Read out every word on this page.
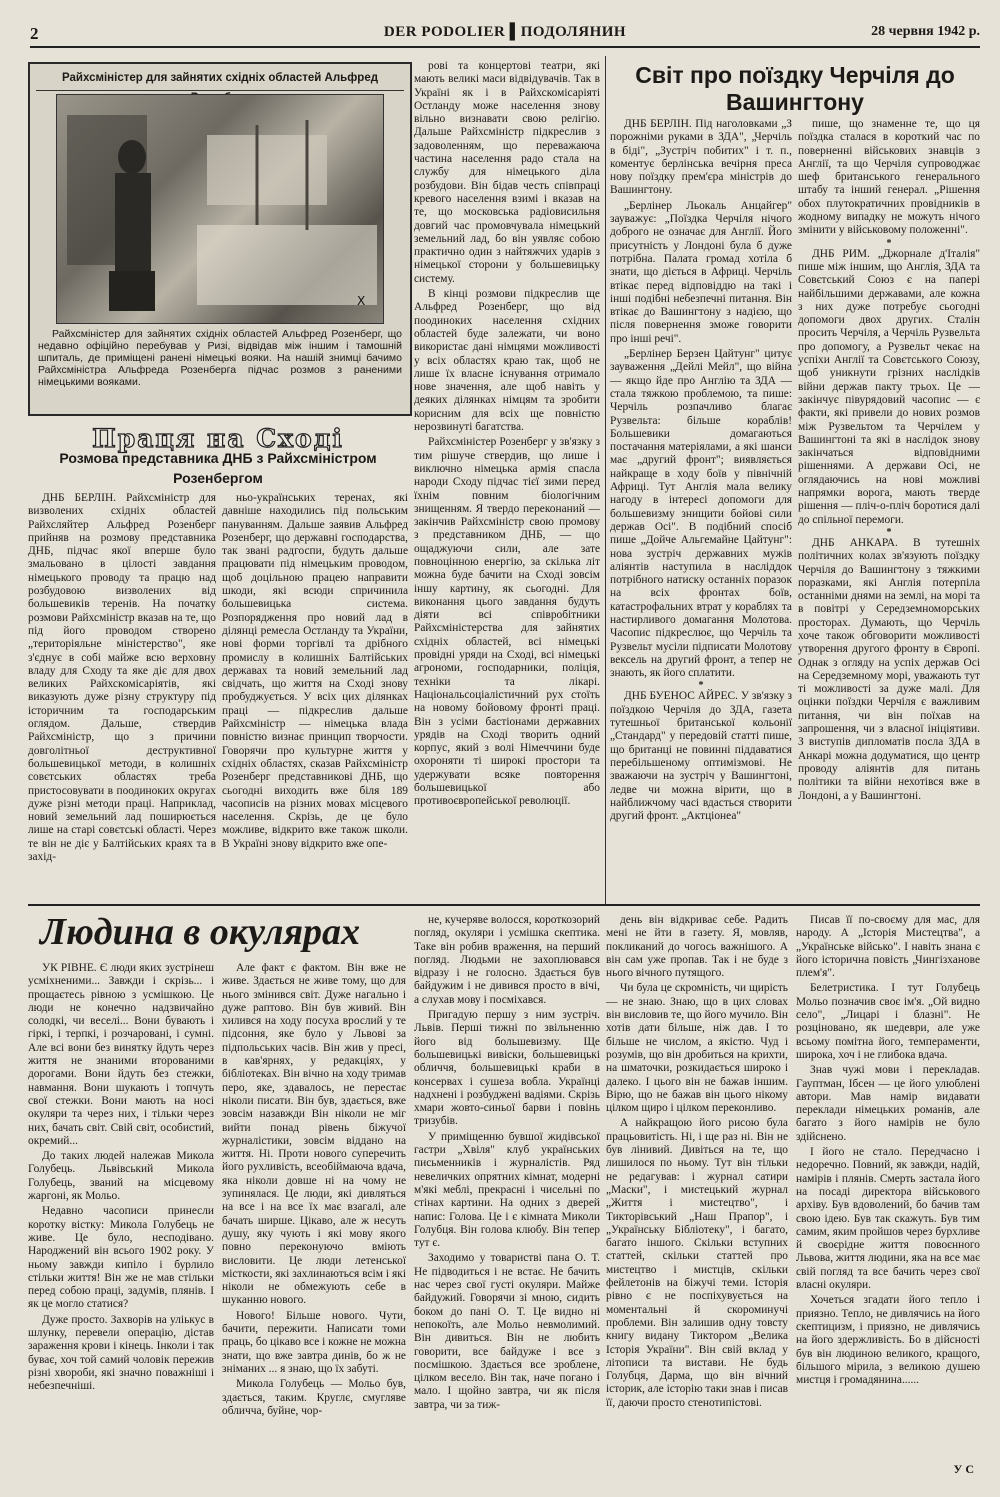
2	DER PODOLIER ▌ПОДОЛЯНИН	28 червня 1942 р.
Райхсміністер для зайнятих східніх областей Альфред
X

Райхсміністер для зайнятих східніх областей Альфред Розенберг, що недавно офіційно перебував у Ризі, відвідав між іншим і тамошній шпиталь, де приміщені ранені німецькі вояки. На нашій знимці бачимо Райхсміністра Альфреда Розенберга підчас розмов з раненими німецькими вояками.

Праця на Сході
Розмова представника ДНБ з Райхсміністром Розенбергом

ДНБ БЕРЛІН. Райхсміністр для визволених східніх областей Райхсляйтер Альфред Розенберг прийняв на розмову представника ДНБ, підчас якої вперше було змальовано в цілості завдання німецького проводу та працю над розбудовою визволених від большевиків теренів. На початку розмови Райхсміністр вказав на те, що під його проводом створено „територіяльне міністерство", яке з'єднує в собі майже всю верховну владу для Сходу та яке діє для двох великих Райхскомісаріятів, які виказують дуже різну структуру під історичним та господарським оглядом. Дальше, ствердив Райхсміністр, що з причини довголітньої деструктивної большевицької методи, в колишніх совєтських областях треба пристосовувати в поодиноких округах дуже різні методи праці. Наприклад, новий земельний лад поширюється лише на старі совєтські області. Через те він не діє у Балтійських краях та в захід-

ньо-українських теренах, які давніше находились під польським пануванням. Дальше заявив Альфред Розенберг, що державні господарства, так звані радгоспи, будуть дальше працювати під німецьким проводом, щоб доцільною працею направити шкоди, які всюди спричинила большевицька система. Розпорядження про новий лад в ділянці ремесла Остланду та України, нові форми торгівлі та дрібного промислу в колишніх Балтійських державах та новий земельний лад свідчать, що життя на Сході знову пробуджується. У всіх цих ділянках праці — підкреслив дальше Райхсміністр — німецька влада повністю визнає принцип творчости. Говорячи про культурне життя у східніх областях, сказав Райхсміністр Розенберг представникові ДНБ, що сьогодні виходить вже біля 189 часописів на різних мовах місцевого населення. Скрізь, де це було можливе, відкрито вже також школи. В Україні знову відкрито вже опе-

рові та концертові театри, які мають великі маси відвідувачів. Так в Україні як і в Райхскомісаріяті Остланду може населення знову вільно визнавати свою релігію. Дальше Райхсміністр підкреслив з задоволенням, що переважаюча частина населення радо стала на службу для німецького діла розбудови. Він бідав честь співпраці кревого населення взимі і вказав на те, що московська радіовисильня довгий час промовчувала німецький земельний лад, бо він уявляє собою практично один з найтяжчих ударів з німецької сторони у большевицьку систему.

В кінці розмови підкреслив ще Альфред Розенберг, що від поодиноких населення східних областей буде залежати, чи воно використає дані німцями можливості у всіх областях краю так, щоб не лише їх власне існування отримало нове значення, але щоб навіть у деяких ділянках німцям та зробити корисним для всіх ще повністю нерозвинуті багатства.

Райхсміністер Розенберг у зв'язку з тим рішуче ствердив, що лише і виключно німецька армія спасла народи Сходу підчас тієї зими перед їхнім повним біологічним знищенням. Я твердо переконаний — закінчив Райхсміністр свою промову з представником ДНБ, — що ощаджуючи сили, але зате повноцінною енергію, за скілька літ можна буде бачити на Сході зовсім іншу картину, як сьогодні. Для виконання цього завдання будуть діяти всі співробітники Райхсміністерства для зайнятих східніх областей, всі німецькі провідні уряди на Сході, всі німецькі агрономи, господарники, поліція, техніки та лікарі. Національсоціалістичний рух стоїть на новому бойовому фронті праці. Він з усіми бастіонами державних урядів на Сході творить одний корпус, який з волі Німеччини буде охороняти ті широкі простори та удержувати всяке повторення большевицької або противоєвропейської революції.

Світ про поїздку Черчіля до Вашингтону

ДНБ БЕРЛІН. Під наголовками „З порожніми руками в ЗДА", „Черчіль в біді", „Зустріч побитих" і т. п., коментує берлінська вечірня преса нову поїздку прем'єра міністрів до Вашингтону.

„Берлінер Льокаль Анцайгер" зауважує: „Поїздка Черчіля нічого доброго не означає для Англії. Його присутність у Лондоні була б дуже потрібна. Палата громад хотіла б знати, що діється в Африці. Черчіль втікає перед відповіддю на такі і інші подібні небезпечні питання. Він втікає до Вашингтону з надією, що після повернення зможе говорити про інші речі".

„Берлінер Берзен Цайтунг" цитує зауваження „Дейлі Мейл", що війна — якщо йде про Англію та ЗДА — стала тяжкою проблемою, та пише: Черчіль розпачливо благає Рузвельта: більше кораблів! Большевики домагаються постачання матеріялами, а які шанси має „другий фронт"; виявляється найкраще в ходу боїв у північній Африці. Тут Англія мала велику нагоду в інтересі допомоги для большевизму знищити бойові сили держав Осі". В подібний спосіб пише „Дойче Альгемайне Цайтунг": нова зустріч державних мужів аліянтів наступила в насліддок потрібного натиску останніх поразок на всіх фронтах боїв, катастрофальних втрат у кораблях та настирливого домагання Молотова. Часопис підкреслює, що Черчіль та Рузвельт мусіли підписати Молотову вексель на другий фронт, а тепер не знають, як його сплатити.

*

ДНБ БУЕНОС АЙРЕС. У зв'язку з поїздкою Черчіля до ЗДА, газета тутешньої британської кольонії „Стандард" у передовій статті пише, що британці не повинні піддаватися перебільшеному оптимізмові. Не зважаючи на зустріч у Вашингтоні, ледве чи можна вірити, що в найближчому часі вдасться створити другий фронт. „Актціонеа"

пише, що знаменне те, що ця поїздка сталася в короткий час по поверненні військових знавців з Англії, та що Черчіля супроводжає шеф британського генерального штабу та інший генерал. „Рішення обох плутократичних провідників в жодному випадку не можуть нічого змінити у військовому положенні".

*

ДНБ РИМ. „Джорнале д'Італія" пише між іншим, що Англія, ЗДА та Совєтський Союз є на папері найбільшими державами, але кожна з них дуже потребує сьогодні допомоги двох других. Сталін просить Черчіля, а Черчіль Рузвельта про допомогу, а Рузвельт чекає на успіхи Англії та Совєтського Союзу, щоб уникнути грізних наслідків війни держав пакту трьох. Це — закінчує півурядовий часопис — є факти, які привели до нових розмов між Рузвельтом та Черчілем у Вашингтоні та які в наслідок знову закінчаться відповідними рішеннями. А держави Осі, не оглядаючись на нові можливі напрямки ворога, мають тверде рішення — пліч-о-пліч боротися далі до спільної перемоги.

*

ДНБ АНКАРА. В тутешніх політичних колах зв'язують поїздку Черчіля до Вашингтону з тяжкими поразками, які Англія потерпіла останніми днями на землі, на морі та в повітрі у Середземноморських просторах. Думають, що Черчіль хоче також обговорити можливості утворення другого фронту в Європі. Однак з огляду на успіх держав Осі на Середземному морі, уважають тут ті можливості за дуже малі. Для оцінки поїздки Черчіля є важливим питання, чи він поїхав на запрошення, чи з власної ініціятиви. З виступів дипломатів посла ЗДА в Анкарі можна додуматися, що центр проводу аліянтів для питань політики та війни нехотівся вже в Лондоні, а у Вашингтоні.

Людина в окулярах

УК РІВНЕ. Є люди яких зустрінеш усміхненими... Завжди і скрізь... і прощаєтесь рівною з усмішкою. Це люди не конечно надзвичайно солодкі, чи веселі... Вони бувають і гіркі, і терпкі, і розчаровані, і сумні. Але всі вони без винятку йдуть через життя не знаними второваними дорогами. Вони йдуть без стежки, навмання. Вони шукають і топчуть свої стежки. Вони мають на носі окуляри та через них, і тільки через них, бачать світ. Свій світ, особистий, окремий...

До таких людей належав Микола Голубець. Львівський Микола Голубець, званий на місцевому жаргоні, як Мольо.

Недавно часописи принесли коротку вістку: Микола Голубець не живе. Це було, несподівано. Народжений він всього 1902 року. У ньому завжди кипіло і бурлило стільки життя! Він же не мав стільки перед собою праці, задумів, плянів. І як це могло статися?

Дуже просто. Захворів на уліькус в шлунку, перевели операцію, дістав зараження крови і кінець. Інколи і так буває, хоч той самий чоловік пережив різні хвороби, які значно поважніші і небезпечніші.

Але факт є фактом. Він вже не живе. Здається не живе тому, що для нього змінився світ. Дуже нагально і дуже раптово. Він був живий. Він хилився на ходу посуха врослий у те підсоння, яке було у Львові за підпольських часів. Він жив у пресі, в кав'ярнях, у редакціях, у бібліотеках. Він вічно на ходу тримав перо, яке, здавалось, не перестає ніколи писати. Він був, здається, вже зовсім назавжди Він ніколи не міг вийти понад рівень біжучої журналістики, зовсім віддано на життя. Ні. Проти нового суперечить його рухливість, всеобіймаюча вдача, яка ніколи довше ні на чому не зупинялася. Це люди, які дивляться на все і на все їх має взагалі, але бачать ширше. Цікаво, але ж несуть душу, яку чують і які мову якого повно переконуючо вміють висловити. Це люди летенської місткости, які захлинаються всім і які ніколи не обмежують себе в шуканню нового.

Нового! Більше нового. Чути, бачити, пережити. Написати томи праць, бо цікаво все і кожне не можна знати, що вже завтра динів, бо ж не зніманих ... я знаю, що їх забуті.

Микола Голубець — Мольо був, здається, таким. Круглє, смугляве обличча, буйне, чор-

не, кучеряве волосся, короткозорий погляд, окуляри і усмішка скептика. Таке він робив враження, на перший погляд. Людьми не захоплювався відразу і не голосно. Здається був байдужим і не дивився просто в вічі, а слухав мову і посміхався.

Пригадую першу з ним зустріч. Львів. Перші тижні по звільненню його від большевизму. Ще большевицькі вивіски, большевицькі обличчя, большевицькі краби в консервах і сушеза вобла. Українці надхнені і розбуджені вадіями. Скрізь хмари жовто-синьої барви і повінь тризубів.

У приміщенню бувшої жидівської гастри „Хвіля" клуб українських письменників і журналістів. Ряд невеличких опрятних кімнат, модерні м'які меблі, прекрасні і чисельні по стінах картини. На одних з дверей напис: Голова. Це і є кімната Миколи Голубця. Він голова клюбу. Він тепер тут є.

Заходимо у товаристві пана О. Т. Не підводиться і не встає. Не бачить нас через свої густі окуляри. Майже байдужий. Говорячи зі мною, сидить боком до пані О. Т. Це видно ні непокоїть, але Мольо невмолимий. Він дивиться. Він не любить говорити, все байдуже і все з посмішкою. Здається все зроблене, цілком весело. Він так, наче погано і мало. І щойно завтра, чи як після завтра, чи за тиж-

день він відкриває себе. Радить мені не йти в газету. Я, мовляв, покликаний до чогось важнішого. А він сам уже пропав. Так і не буде з нього вічного путящого.

Чи була це скромність, чи щирість — не знаю. Знаю, що в цих словах він висловив те, що його мучило. Він хотів дати більше, ніж дав. І то більше не числом, а якістю. Чуд і розумів, що він дробиться на крихти, на шматочки, розкидається широко і далеко. І цього він не бажав іншим. Вірю, що не бажав він цього нікому цілком щиро і цілком переконливо.

А найкращою його рисою була працьовитість. Ні, і ще раз ні. Він не був лінивий. Дивіться на те, що лишилося по ньому. Тут він тільки не редагував: і журнал сатири „Маски", і мистецький журнал „Життя і мистецтво", і Тикторівський „Наш Прапор", і „Українську Бібліотеку", і багато, багато іншого. Скільки вступних статтей, скільки статтей про мистецтво і мистців, скільки фейлетонів на біжучі теми. Історія рівно є не поспіхувується на моментальні й скороминучі проблеми. Він залишив одну товсту книгу видану Тиктором „Велика Історія України". Він свій вклад у літописи та вистави. Не будь Голубця, Дарма, що він вічний історик, але історію таки знав і писав її, даючи просто стенотипістові.

Писав її по-своєму для мас, для народу. А „Історія Мистецтва", а „Українське військо". І навіть знана є його історична повість „Чингізханове плем'я".

Белетристика. І тут Голубець Мольо позначив своє ім'я. „Ой видно село", „Лицарі і блазні". Не розціновано, як шедеври, але уже всьому помітна його, темпераменти, широка, хоч і не глибока вдача.

Знав чужі мови і перекладав. Гауптман, Ібсен — це його улюблені автори. Мав намір видавати переклади німецьких романів, але багато з його намірів не було здійснено.

І його не стало. Передчасно і недоречно. Повний, як завжди, надій, намірів і плянів. Смерть застала його на посаді директора військового архіву. Був вдоволений, бо бачив там свою ідею. Був так скажуть. Був тим самим, яким пройшов через бурхливе й своєрідне життя повоєнного Львова, життя людини, яка на все має свій погляд та все бачить через свої власні окуляри.

Хочеться згадати його тепло і приязно. Тепло, не дивлячись на його скептицизм, і приязно, не дивлячись на його здержливість. Бо в дійсності був він людиною великого, кращого, більшого мірила, з великою душею мистця і громадянина......

У С
